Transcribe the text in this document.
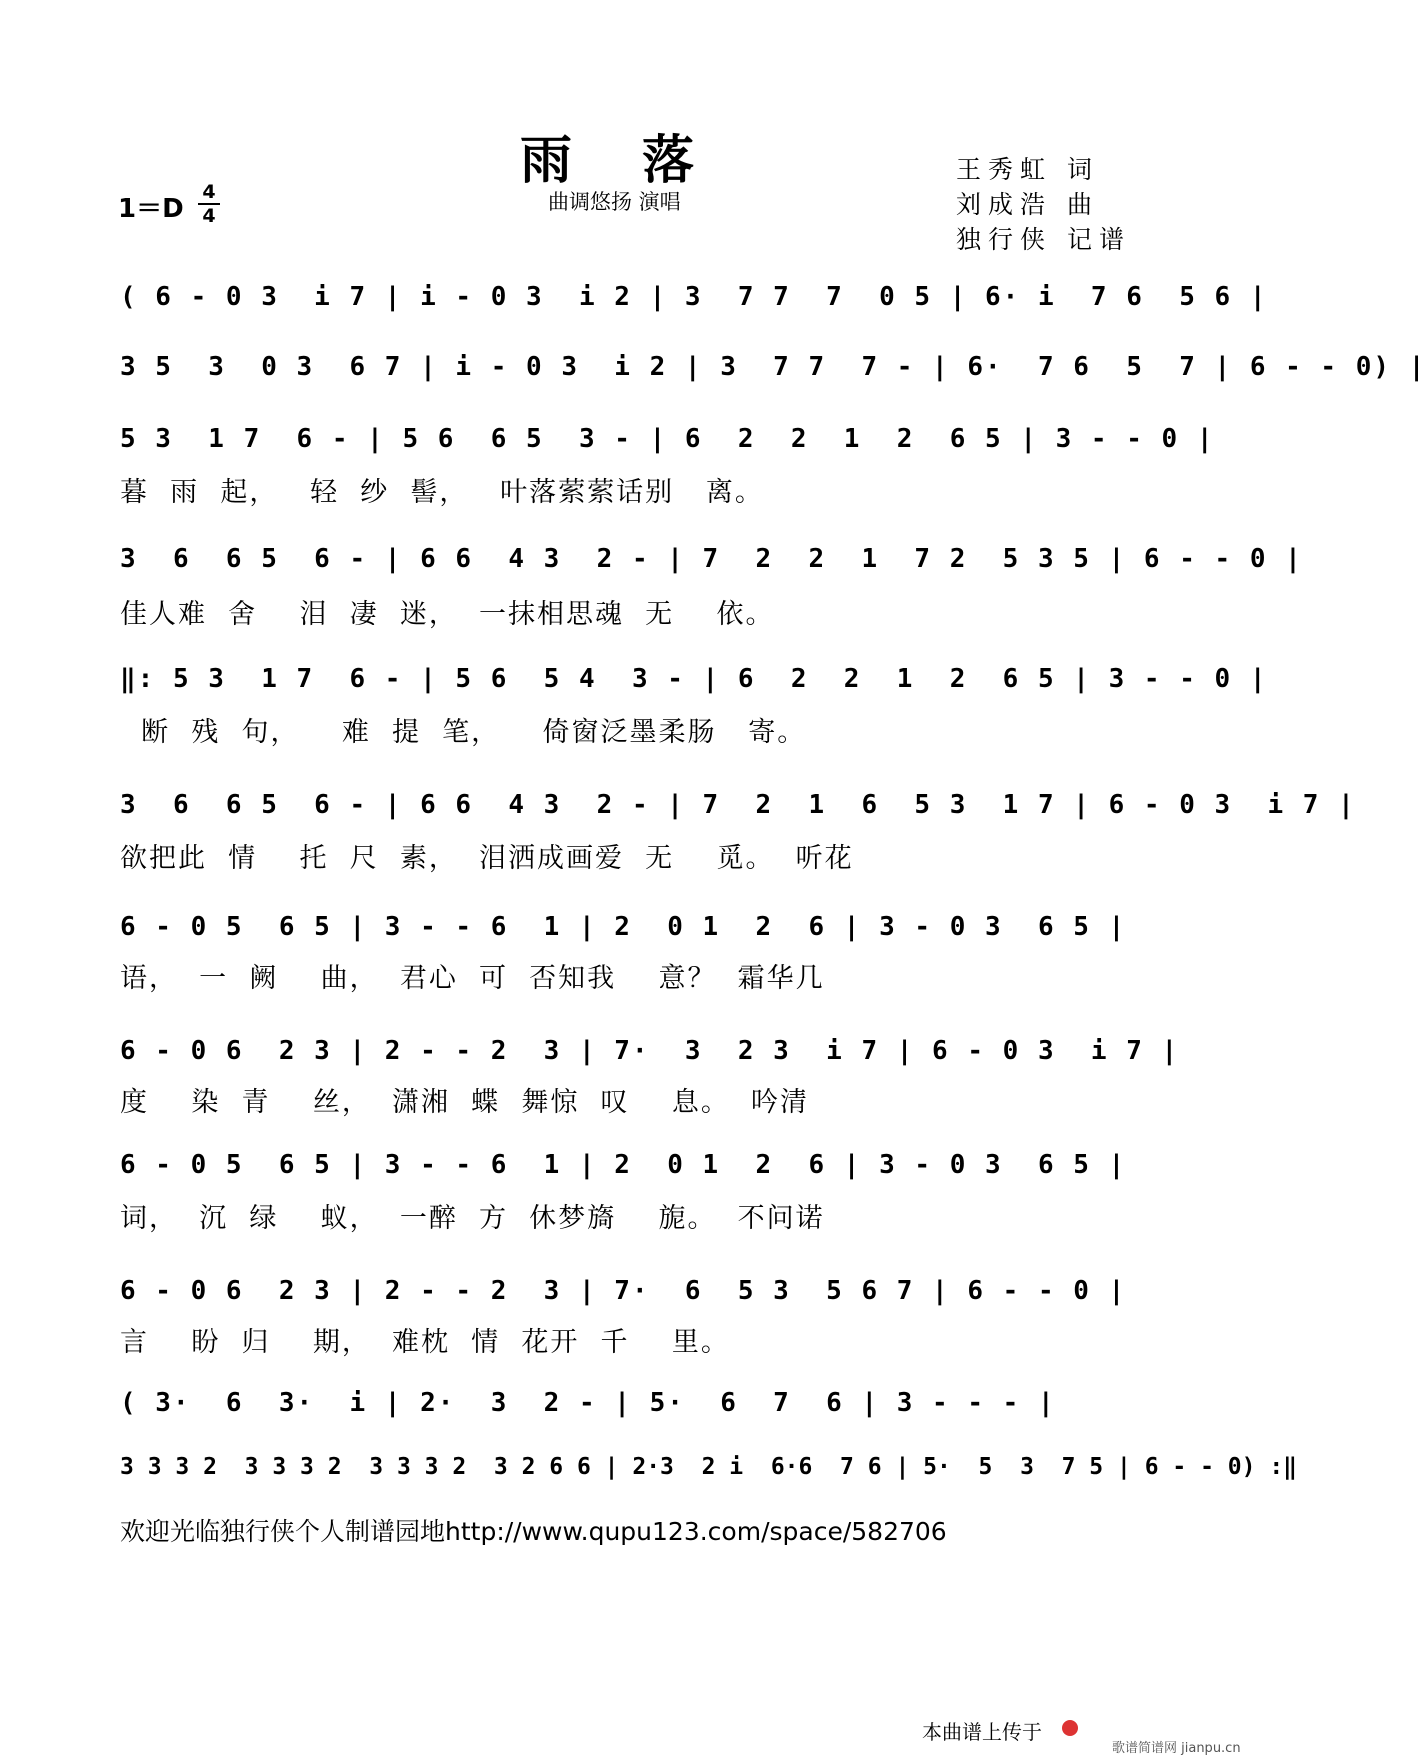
雨落
曲调悠扬 演唱
王秀虹 词
刘成浩 曲
独行侠 记谱
1＝D
4
4
( 6 - 0 3  i 7 | i - 0 3  i 2 | 3  7 7  7  0 5 | 6· i  7 6  5 6 |
3 5  3  0 3  6 7 | i - 0 3  i 2 | 3  7 7  7 - | 6·  7 6  5  7 | 6 - - 0) |
5 3  1 7  6 - | 5 6  6 5  3 - | 6  2  2  1  2  6 5 | 3 - - 0 |
暮  雨  起，   轻  纱  髻，   叶落萦萦话别   离。
3  6  6 5  6 - | 6 6  4 3  2 - | 7  2  2  1  7 2  5 3 5 | 6 - - 0 |
佳人难  舍    泪  凄  迷，  一抹相思魂  无    依。
‖: 5 3  1 7  6 - | 5 6  5 4  3 - | 6  2  2  1  2  6 5 | 3 - - 0 |
断  残  句，    难  提  笔，    倚窗泛墨柔肠   寄。
3  6  6 5  6 - | 6 6  4 3  2 - | 7  2  1  6  5 3  1 7 | 6 - 0 3  i 7 |
欲把此  情    托  尺  素，  泪洒成画爱  无    觅。  听花
6 - 0 5  6 5 | 3 - - 6  1 | 2  0 1  2  6 | 3 - 0 3  6 5 |
语，  一  阙    曲，  君心  可  否知我    意？  霜华几
6 - 0 6  2 3 | 2 - - 2  3 | 7·  3  2 3  i 7 | 6 - 0 3  i 7 |
度    染  青    丝，  潇湘  蝶  舞惊  叹    息。  吟清
6 - 0 5  6 5 | 3 - - 6  1 | 2  0 1  2  6 | 3 - 0 3  6 5 |
词，  沉  绿    蚁，  一醉  方  休梦旖    旎。  不问诺
6 - 0 6  2 3 | 2 - - 2  3 | 7·  6  5 3  5 6 7 | 6 - - 0 |
言    盼  归    期，  难枕  情  花开  千    里。
( 3·  6  3·  i | 2·  3  2 - | 5·  6  7  6 | 3 - - - |
3 3 3 2  3 3 3 2  3 3 3 2  3 2 6 6 | 2·3  2 i  6·6  7 6 | 5·  5  3  7 5 | 6 - - 0) :‖
欢迎光临独行侠个人制谱园地http://www.qupu123.com/space/582706
本曲谱上传于
歌谱简谱网 jianpu.cn
